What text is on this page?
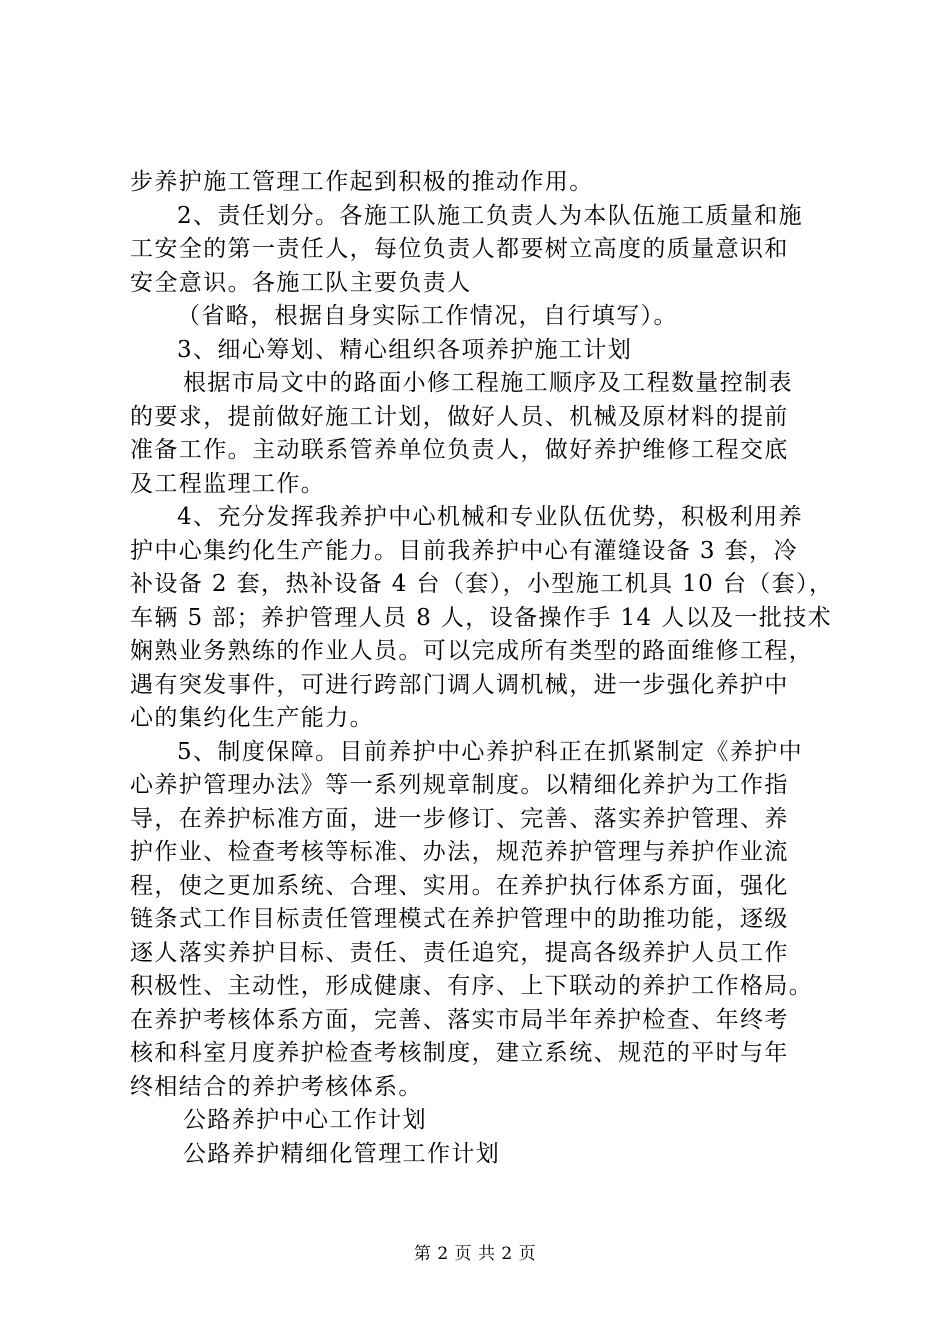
步养护施工管理工作起到积极的推动作用。
2、责任划分。各施工队施工负责人为本队伍施工质量和施
工安全的第一责任人，每位负责人都要树立高度的质量意识和
安全意识。各施工队主要负责人
（省略，根据自身实际工作情况，自行填写）。
3、细心筹划、精心组织各项养护施工计划
根据市局文中的路面小修工程施工顺序及工程数量控制表
的要求，提前做好施工计划，做好人员、机械及原材料的提前
准备工作。主动联系管养单位负责人，做好养护维修工程交底
及工程监理工作。
4、充分发挥我养护中心机械和专业队伍优势，积极利用养
护中心集约化生产能力。目前我养护中心有灌缝设备 3 套，冷
补设备 2 套，热补设备 4 台（套），小型施工机具 10 台（套），
车辆 5 部；养护管理人员 8 人，设备操作手 14 人以及一批技术
娴熟业务熟练的作业人员。可以完成所有类型的路面维修工程，
遇有突发事件，可进行跨部门调人调机械，进一步强化养护中
心的集约化生产能力。
5、制度保障。目前养护中心养护科正在抓紧制定《养护中
心养护管理办法》等一系列规章制度。以精细化养护为工作指
导，在养护标准方面，进一步修订、完善、落实养护管理、养
护作业、检查考核等标准、办法，规范养护管理与养护作业流
程，使之更加系统、合理、实用。在养护执行体系方面，强化
链条式工作目标责任管理模式在养护管理中的助推功能，逐级
逐人落实养护目标、责任、责任追究，提高各级养护人员工作
积极性、主动性，形成健康、有序、上下联动的养护工作格局。
在养护考核体系方面，完善、落实市局半年养护检查、年终考
核和科室月度养护检查考核制度，建立系统、规范的平时与年
终相结合的养护考核体系。
公路养护中心工作计划
公路养护精细化管理工作计划
第 2 页 共 2 页
